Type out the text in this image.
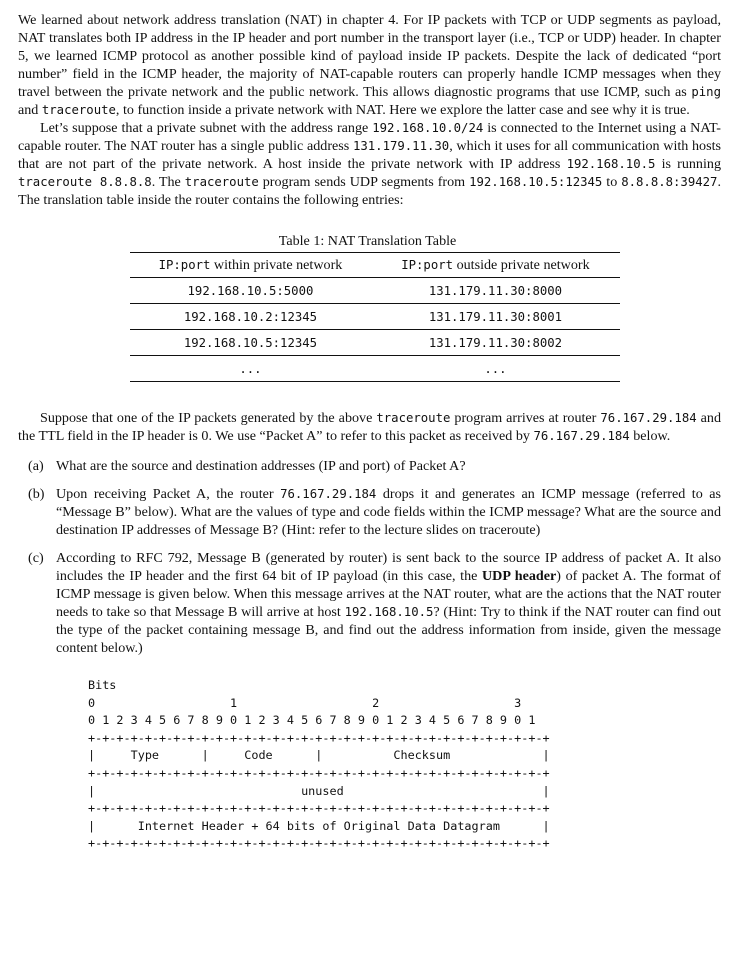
We learned about network address translation (NAT) in chapter 4. For IP packets with TCP or UDP segments as payload, NAT translates both IP address in the IP header and port number in the transport layer (i.e., TCP or UDP) header. In chapter 5, we learned ICMP protocol as another possible kind of payload inside IP packets. Despite the lack of dedicated “port number” field in the ICMP header, the majority of NAT-capable routers can properly handle ICMP messages when they travel between the private network and the public network. This allows diagnostic programs that use ICMP, such as ping and traceroute, to function inside a private network with NAT. Here we explore the latter case and see why it is true.

Let’s suppose that a private subnet with the address range 192.168.10.0/24 is connected to the Internet using a NAT-capable router. The NAT router has a single public address 131.179.11.30, which it uses for all communication with hosts that are not part of the private network. A host inside the private network with IP address 192.168.10.5 is running traceroute 8.8.8.8. The traceroute program sends UDP segments from 192.168.10.5:12345 to 8.8.8.8:39427. The translation table inside the router contains the following entries:

Table 1: NAT Translation Table
IP:port within private network	IP:port outside private network
192.168.10.5:5000	131.179.11.30:8000
192.168.10.2:12345	131.179.11.30:8001
192.168.10.5:12345	131.179.11.30:8002
...	...

Suppose that one of the IP packets generated by the above traceroute program arrives at router 76.167.29.184 and the TTL field in the IP header is 0. We use “Packet A” to refer to this packet as received by 76.167.29.184 below.

(a) What are the source and destination addresses (IP and port) of Packet A?
(b) Upon receiving Packet A, the router 76.167.29.184 drops it and generates an ICMP message (referred to as “Message B” below). What are the values of type and code fields within the ICMP message? What are the source and destination IP addresses of Message B? (Hint: refer to the lecture slides on traceroute)
(c) According to RFC 792, Message B (generated by router) is sent back to the source IP address of packet A. It also includes the IP header and the first 64 bit of IP payload (in this case, the UDP header) of packet A. The format of ICMP message is given below. When this message arrives at the NAT router, what are the actions that the NAT router needs to take so that Message B will arrive at host 192.168.10.5? (Hint: Try to think if the NAT router can find out the type of the packet containing message B, and find out the address information from inside, given the message content below.)
Bits
0                   1                   2                   3
0 1 2 3 4 5 6 7 8 9 0 1 2 3 4 5 6 7 8 9 0 1 2 3 4 5 6 7 8 9 0 1
+-+-+-+-+-+-+-+-+-+-+-+-+-+-+-+-+-+-+-+-+-+-+-+-+-+-+-+-+-+-+-+-+
|     Type      |     Code      |          Checksum             |
+-+-+-+-+-+-+-+-+-+-+-+-+-+-+-+-+-+-+-+-+-+-+-+-+-+-+-+-+-+-+-+-+
|                             unused                            |
+-+-+-+-+-+-+-+-+-+-+-+-+-+-+-+-+-+-+-+-+-+-+-+-+-+-+-+-+-+-+-+-+
|      Internet Header + 64 bits of Original Data Datagram      |
+-+-+-+-+-+-+-+-+-+-+-+-+-+-+-+-+-+-+-+-+-+-+-+-+-+-+-+-+-+-+-+-+
